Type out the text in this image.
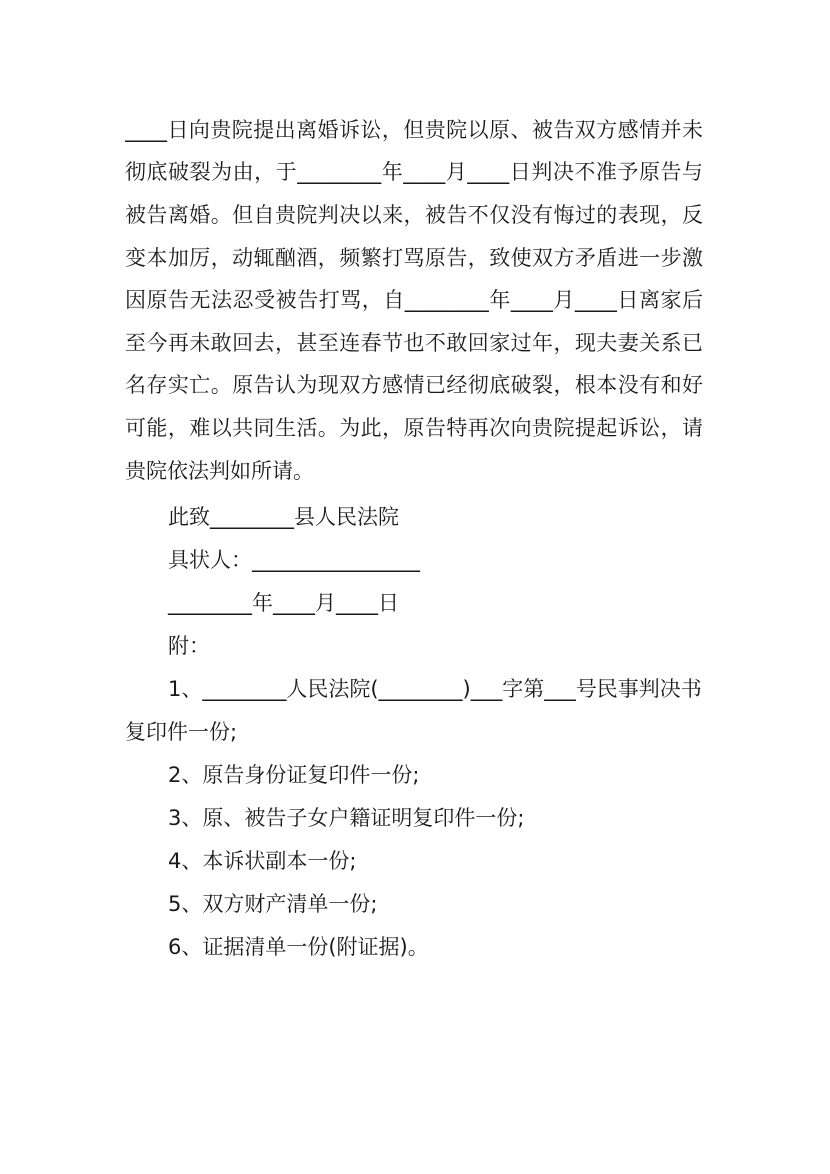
____日向贵院提出离婚诉讼，但贵院以原、被告双方感情并未
彻底破裂为由，于________年____月____日判决不准予原告与
被告离婚。但自贵院判决以来，被告不仅没有悔过的表现，反
变本加厉，动辄酗酒，频繁打骂原告，致使双方矛盾进一步激
因原告无法忍受被告打骂，自________年____月____日离家后
至今再未敢回去，甚至连春节也不敢回家过年，现夫妻关系已
名存实亡。原告认为现双方感情已经彻底破裂，根本没有和好
可能，难以共同生活。为此，原告特再次向贵院提起诉讼，请
贵院依法判如所请。
此致________县人民法院
具状人：________________
________年____月____日
附：
1、________人民法院(________)___字第___号民事判决书
复印件一份;
2、原告身份证复印件一份;
3、原、被告子女户籍证明复印件一份;
4、本诉状副本一份;
5、双方财产清单一份;
6、证据清单一份(附证据)。
